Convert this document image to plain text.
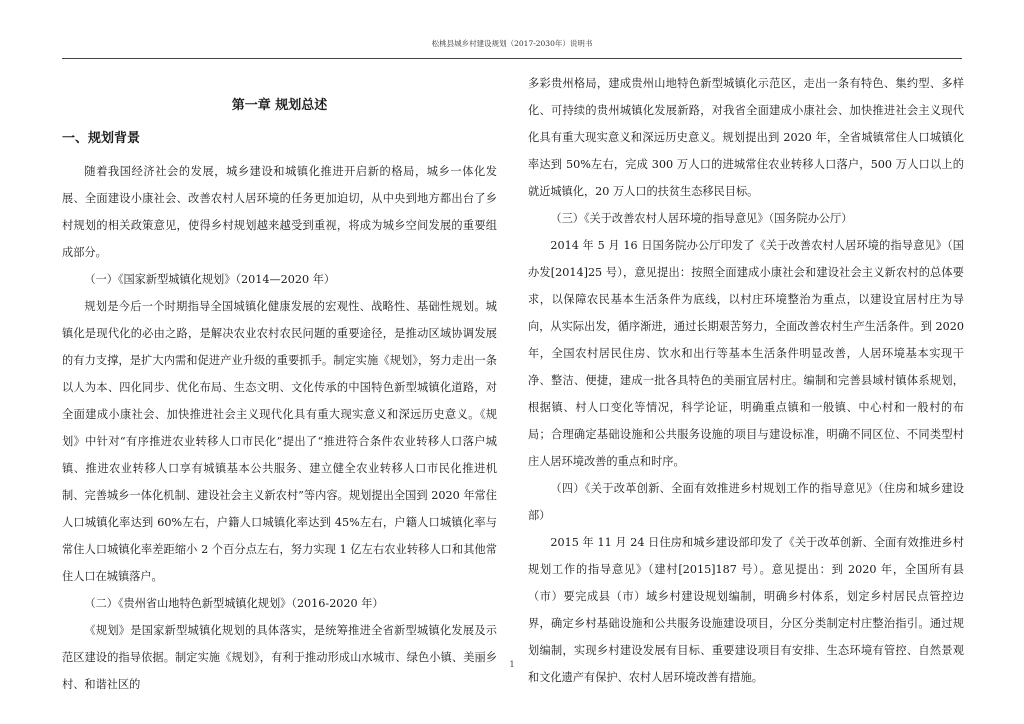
松桃县城乡村建设规划（2017-2030年）说明书
第一章 规划总述
一、规划背景

随着我国经济社会的发展，城乡建设和城镇化推进开启新的格局，城乡一体化发展、全面建设小康社会、改善农村人居环境的任务更加迫切，从中央到地方都出台了乡村规划的相关政策意见，使得乡村规划越来越受到重视，将成为城乡空间发展的重要组成部分。

（一）《国家新型城镇化规划》（2014—2020 年）

规划是今后一个时期指导全国城镇化健康发展的宏观性、战略性、基础性规划。城镇化是现代化的必由之路，是解决农业农村农民问题的重要途径，是推动区域协调发展的有力支撑，是扩大内需和促进产业升级的重要抓手。制定实施《规划》，努力走出一条以人为本、四化同步、优化布局、生态文明、文化传承的中国特色新型城镇化道路，对全面建成小康社会、加快推进社会主义现代化具有重大现实意义和深远历史意义。《规划》中针对“有序推进农业转移人口市民化”提出了“推进符合条件农业转移人口落户城镇、推进农业转移人口享有城镇基本公共服务、建立健全农业转移人口市民化推进机制、完善城乡一体化机制、建设社会主义新农村”等内容。规划提出全国到 2020 年常住人口城镇化率达到 60%左右，户籍人口城镇化率达到 45%左右，户籍人口城镇化率与常住人口城镇化率差距缩小 2 个百分点左右，努力实现 1 亿左右农业转移人口和其他常住人口在城镇落户。

（二）《贵州省山地特色新型城镇化规划》（2016-2020 年）

《规划》是国家新型城镇化规划的具体落实，是统筹推进全省新型城镇化发展及示范区建设的指导依据。制定实施《规划》，有利于推动形成山水城市、绿色小镇、美丽乡村、和谐社区的

多彩贵州格局，建成贵州山地特色新型城镇化示范区，走出一条有特色、集约型、多样化、可持续的贵州城镇化发展新路，对我省全面建成小康社会、加快推进社会主义现代化具有重大现实意义和深远历史意义。规划提出到 2020 年，全省城镇常住人口城镇化率达到 50%左右，完成 300 万人口的进城常住农业转移人口落户，500 万人口以上的就近城镇化，20 万人口的扶贫生态移民目标。

（三）《关于改善农村人居环境的指导意见》（国务院办公厅）

2014 年 5 月 16 日国务院办公厅印发了《关于改善农村人居环境的指导意见》（国办发[2014]25 号），意见提出：按照全面建成小康社会和建设社会主义新农村的总体要求，以保障农民基本生活条件为底线，以村庄环境整治为重点，以建设宜居村庄为导向，从实际出发，循序渐进，通过长期艰苦努力，全面改善农村生产生活条件。到 2020 年，全国农村居民住房、饮水和出行等基本生活条件明显改善，人居环境基本实现干净、整洁、便捷，建成一批各具特色的美丽宜居村庄。编制和完善县域村镇体系规划，根据镇、村人口变化等情况，科学论证，明确重点镇和一般镇、中心村和一般村的布局；合理确定基础设施和公共服务设施的项目与建设标准，明确不同区位、不同类型村庄人居环境改善的重点和时序。

（四）《关于改革创新、全面有效推进乡村规划工作的指导意见》（住房和城乡建设部）

2015 年 11 月 24 日住房和城乡建设部印发了《关于改革创新、全面有效推进乡村规划工作的指导意见》（建村[2015]187 号）。意见提出：到 2020 年，全国所有县（市）要完成县（市）域乡村建设规划编制，明确乡村体系，划定乡村居民点管控边界，确定乡村基础设施和公共服务设施建设项目，分区分类制定村庄整治指引。通过规划编制，实现乡村建设发展有目标、重要建设项目有安排、生态环境有管控、自然景观和文化遗产有保护、农村人居环境改善有措施。

1
